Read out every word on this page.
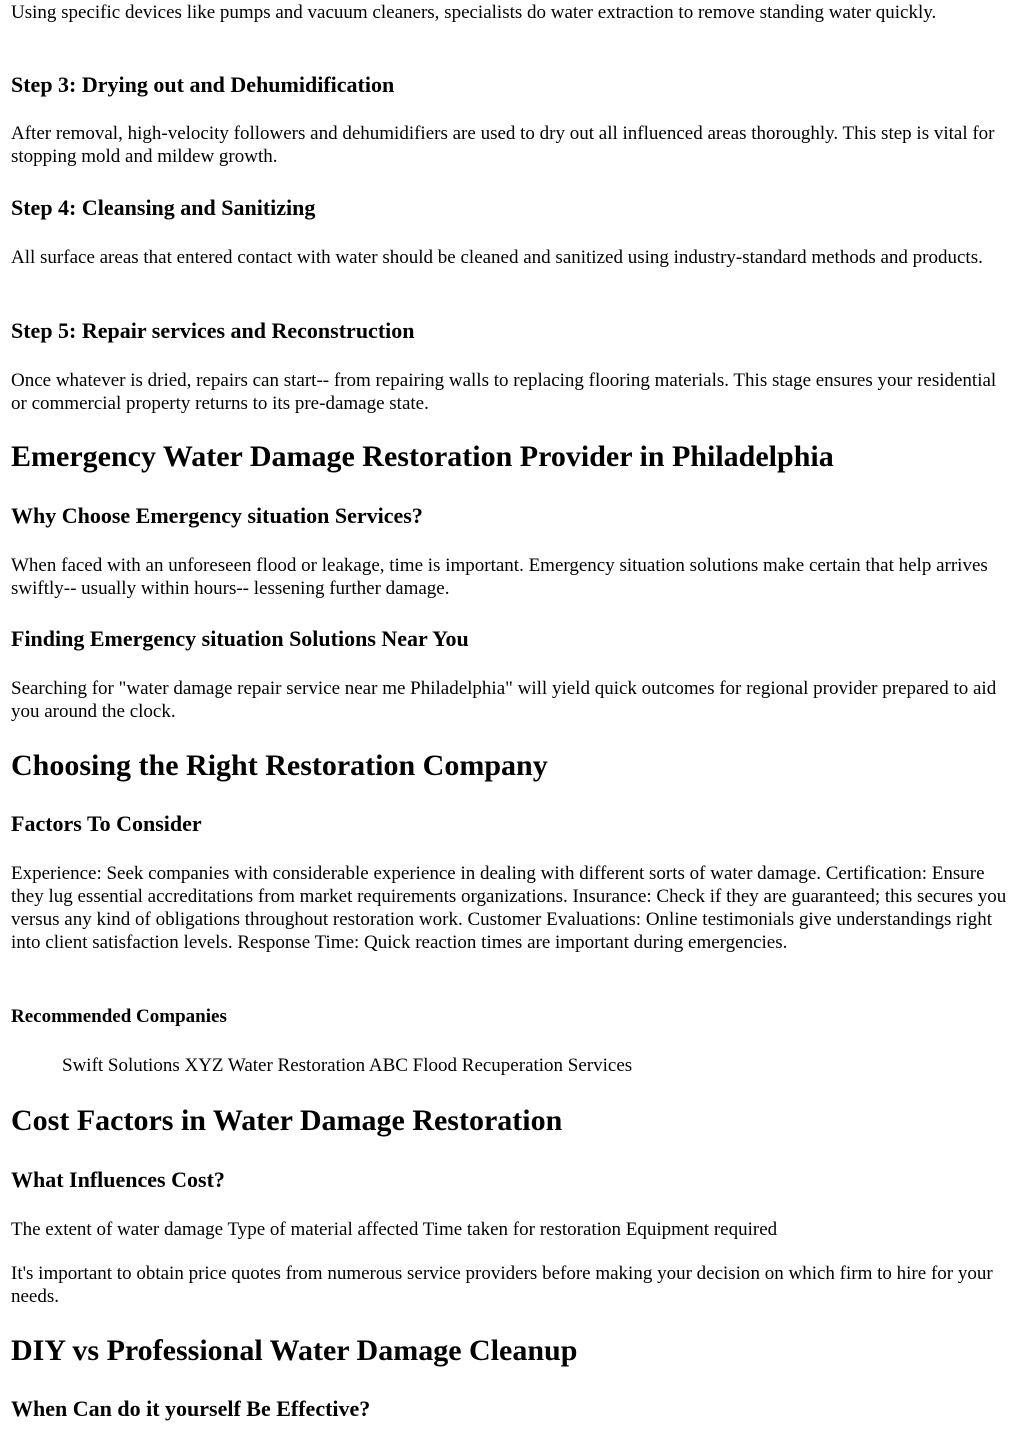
Using specific devices like pumps and vacuum cleaners, specialists do water extraction to remove standing water quickly.

Step 3: Drying out and Dehumidification

After removal, high-velocity followers and dehumidifiers are used to dry out all influenced areas thoroughly. This step is vital for stopping mold and mildew growth.

Step 4: Cleansing and Sanitizing

All surface areas that entered contact with water should be cleaned and sanitized using industry-standard methods and products.

Step 5: Repair services and Reconstruction

Once whatever is dried, repairs can start-- from repairing walls to replacing flooring materials. This stage ensures your residential or commercial property returns to its pre-damage state.

Emergency Water Damage Restoration Provider in Philadelphia
Why Choose Emergency situation Services?

When faced with an unforeseen flood or leakage, time is important. Emergency situation solutions make certain that help arrives swiftly-- usually within hours-- lessening further damage.

Finding Emergency situation Solutions Near You

Searching for "water damage repair service near me Philadelphia" will yield quick outcomes for regional provider prepared to aid you around the clock.

Choosing the Right Restoration Company
Factors To Consider

Experience: Seek companies with considerable experience in dealing with different sorts of water damage. Certification: Ensure they lug essential accreditations from market requirements organizations. Insurance: Check if they are guaranteed; this secures you versus any kind of obligations throughout restoration work. Customer Evaluations: Online testimonials give understandings right into client satisfaction levels. Response Time: Quick reaction times are important during emergencies.

Recommended Companies
Swift Solutions XYZ Water Restoration ABC Flood Recuperation Services
Cost Factors in Water Damage Restoration
What Influences Cost?

The extent of water damage Type of material affected Time taken for restoration Equipment required

It's important to obtain price quotes from numerous service providers before making your decision on which firm to hire for your needs.

DIY vs Professional Water Damage Cleanup
When Can do it yourself Be Effective?
